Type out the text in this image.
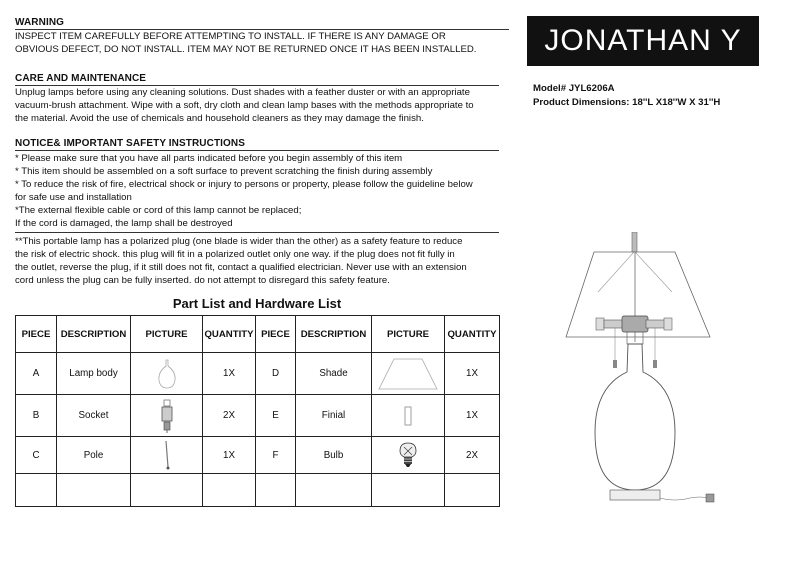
WARNING
INSPECT ITEM CAREFULLY BEFORE ATTEMPTING TO INSTALL. IF THERE IS ANY DAMAGE OR
OBVIOUS DEFECT, DO NOT INSTALL. ITEM MAY NOT BE RETURNED ONCE IT HAS BEEN INSTALLED.
CARE AND MAINTENANCE
Unplug lamps before using any cleaning solutions. Dust shades with a feather duster or with an appropriate
vacuum-brush attachment. Wipe with a soft, dry cloth and clean lamp bases with the methods appropriate to
the material. Avoid the use of chemicals and household cleaners as they may damage the finish.
NOTICE& IMPORTANT SAFETY INSTRUCTIONS
* Please make sure that you have all parts indicated before you begin assembly of this item
* This item should be assembled on a soft surface to prevent scratching the finish during assembly
* To reduce the risk of fire, electrical shock or injury to persons or property, please follow the guideline below
for safe use and installation
*The external flexible cable or cord of this lamp cannot be replaced;
If the cord is damaged, the lamp shall be destroyed
**This portable lamp has a polarized plug (one blade is wider than the other) as a safety feature to reduce
the risk of electric shock. this plug will fit in a polarized outlet only one way. if the plug does not fit fully in
the outlet, reverse the plug, if it still does not fit, contact a qualified electrician. Never use with an extension
cord unless the plug can be fully inserted. do not attempt to disregard this safety feature.
JONATHAN Y
Model# JYL6206A
Product Dimensions: 18''L X18''W X 31''H
Part List and Hardware List
PIECE	DESCRIPTION	PICTURE	QUANTITY	PIECE	DESCRIPTION	PICTURE	QUANTITY
A	Lamp body		1X	D	Shade		1X
B	Socket		2X	E	Finial		1X
C	Pole		1X	F	Bulb		2X
